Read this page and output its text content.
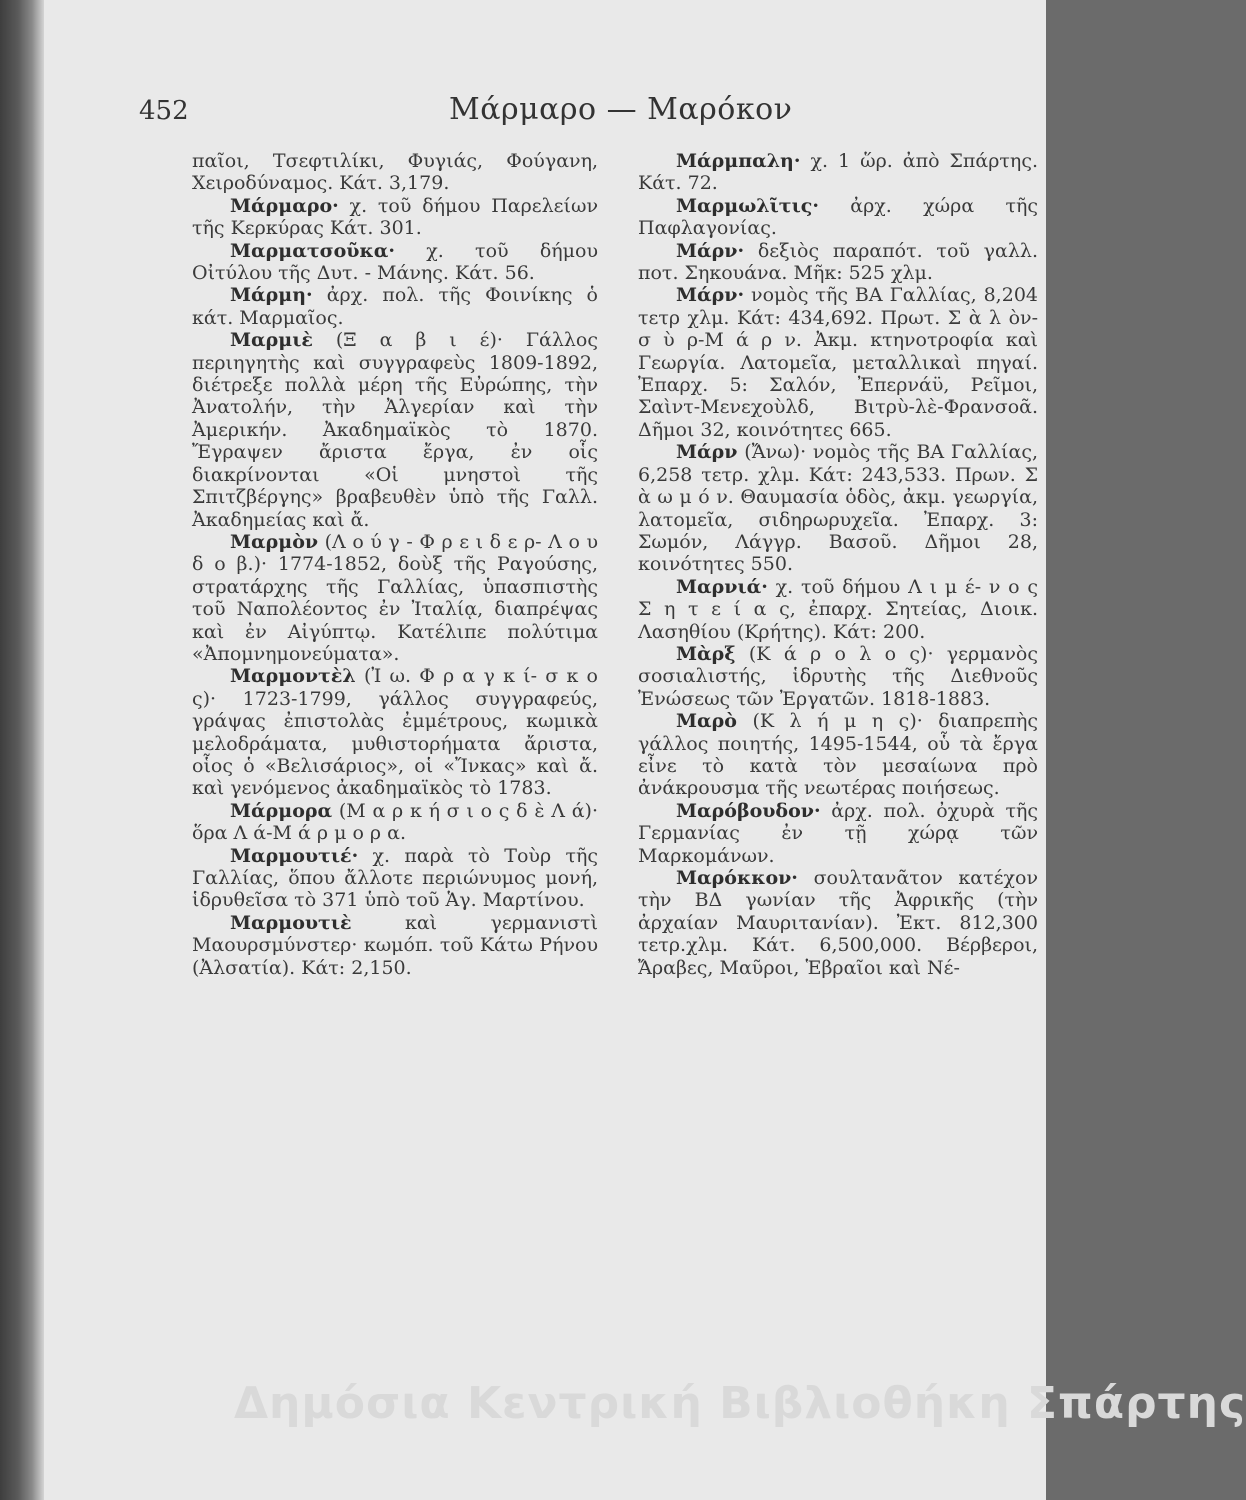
452	Μάρμαρο — Μαρόκον

παῖοι, Τσεφτιλίκι, Φυγιάς, Φούγανη, Χειροδύναμος. Κάτ. 3,179.

Μάρμαρο· χ. τοῦ δήμου Παρελείων τῆς Κερκύρας Κάτ. 301.

Μαρματσοῦκα· χ. τοῦ δήμου Οἰτύλου τῆς Δυτ. - Μάνης. Κάτ. 56.

Μάρμη· ἀρχ. πολ. τῆς Φοινίκης ὁ κάτ. Μαρμαῖος.

Μαρμιὲ (Ξ α β ι έ)· Γάλλος περιηγητὴς καὶ συγγραφεὺς 1809-1892, διέτρεξε πολλὰ μέρη τῆς Εὐρώπης, τὴν Ἀνατολήν, τὴν Ἀλγερίαν καὶ τὴν Ἀμερικήν. Ἀκαδημαϊκὸς τὸ 1870. Ἔγραψεν ἄριστα ἔργα, ἐν οἷς διακρίνονται «Οἱ μνηστοὶ τῆς Σπιτζβέργης» βραβευθὲν ὑπὸ τῆς Γαλλ. Ἀκαδημείας καὶ ἄ.

Μαρμὸν (Λ ο ύ γ - Φ ρ ε ι δ ε ρ- Λ ο υ δ ο β.)· 1774-1852, δοὺξ τῆς Ραγούσης, στρατάρχης τῆς Γαλλίας, ὑπασπιστὴς τοῦ Ναπολέοντος ἐν Ἰταλίᾳ, διαπρέψας καὶ ἐν Αἰγύπτῳ. Κατέλιπε πολύτιμα «Ἀπομνημονεύματα».

Μαρμοντὲλ (Ἰ ω. Φ ρ α γ κ ί- σ κ ο ς)· 1723-1799, γάλλος συγγραφεύς, γράψας ἐπιστολὰς ἐμμέτρους, κωμικὰ μελοδράματα, μυθιστορήματα ἄριστα, οἷος ὁ «Βελισάριος», οἱ «Ἴνκας» καὶ ἄ. καὶ γενόμενος ἀκαδημαϊκὸς τὸ 1783.

Μάρμορα (Μ α ρ κ ή σ ι ο ς δ ὲ Λ ά)· ὅρα Λ ά-Μ ά ρ μ ο ρ α.

Μαρμουτιέ· χ. παρὰ τὸ Τοὺρ τῆς Γαλλίας, ὅπου ἄλλοτε περιώνυμος μονή, ἱδρυθεῖσα τὸ 371 ὑπὸ τοῦ Ἁγ. Μαρτίνου.

Μαρμουτιὲ καὶ γερμανιστὶ Μαουρσμύνστερ· κωμόπ. τοῦ Κάτω Ρήνου (Ἀλσατία). Κάτ: 2,150.

Μάρμπαλη· χ. 1 ὥρ. ἀπὸ Σπάρτης. Κάτ. 72.

Μαρμωλῖτις· ἀρχ. χώρα τῆς Παφλαγονίας.

Μάρν· δεξιὸς παραπότ. τοῦ γαλλ. ποτ. Σηκουάνα. Μῆκ: 525 χλμ.

Μάρν· νομὸς τῆς ΒΑ Γαλλίας, 8,204 τετρ χλμ. Κάτ: 434,692. Πρωτ. Σ ὰ λ ὸν-σ ὺ ρ-Μ ά ρ ν. Ἀκμ. κτηνοτροφία καὶ Γεωργία. Λατομεῖα, μεταλλικαὶ πηγαί. Ἐπαρχ. 5: Σαλόν, Ἐπερνάϋ, Ρεῖμοι, Σαὶντ-Μενεχοὺλδ, Βιτρὺ-λὲ-Φρανσοᾶ. Δῆμοι 32, κοινότητες 665.

Μάρν (Ἄνω)· νομὸς τῆς ΒΑ Γαλλίας, 6,258 τετρ. χλμ. Κάτ: 243,533. Πρων. Σ ὰ ω μ ό ν. Θαυμασία ὁδὸς, ἀκμ. γεωργία, λατομεῖα, σιδηρωρυχεῖα. Ἐπαρχ. 3: Σωμόν, Λάγγρ. Βασοῦ. Δῆμοι 28, κοινότητες 550.

Μαρνιά· χ. τοῦ δήμου Λ ι μ έ- ν ο ς Σ η τ ε ί α ς, ἐπαρχ. Σητείας, Διοικ. Λασηθίου (Κρήτης). Κάτ: 200.

Μὰρξ (Κ ά ρ ο λ ο ς)· γερμανὸς σοσιαλιστής, ἱδρυτὴς τῆς Διεθνοῦς Ἐνώσεως τῶν Ἐργατῶν. 1818-1883.

Μαρὸ (Κ λ ή μ η ς)· διαπρεπὴς γάλλος ποιητής, 1495-1544, οὗ τὰ ἔργα εἶνε τὸ κατὰ τὸν μεσαίωνα πρὸ ἀνάκρουσμα τῆς νεωτέρας ποιήσεως.

Μαρόβουδον· ἀρχ. πολ. ὀχυρὰ τῆς Γερμανίας ἐν τῇ χώρᾳ τῶν Μαρκομάνων.

Μαρόκκον· σουλτανᾶτον κατέχον τὴν ΒΔ γωνίαν τῆς Ἀφρικῆς (τὴν ἀρχαίαν Μαυριτανίαν). Ἐκτ. 812,300 τετρ.χλμ. Κάτ. 6,500,000. Βέρβεροι, Ἄραβες, Μαῦροι, Ἑβραῖοι καὶ Νέ-

Δημόσια Κεντρική Βιβλιοθήκη Σπάρτης
